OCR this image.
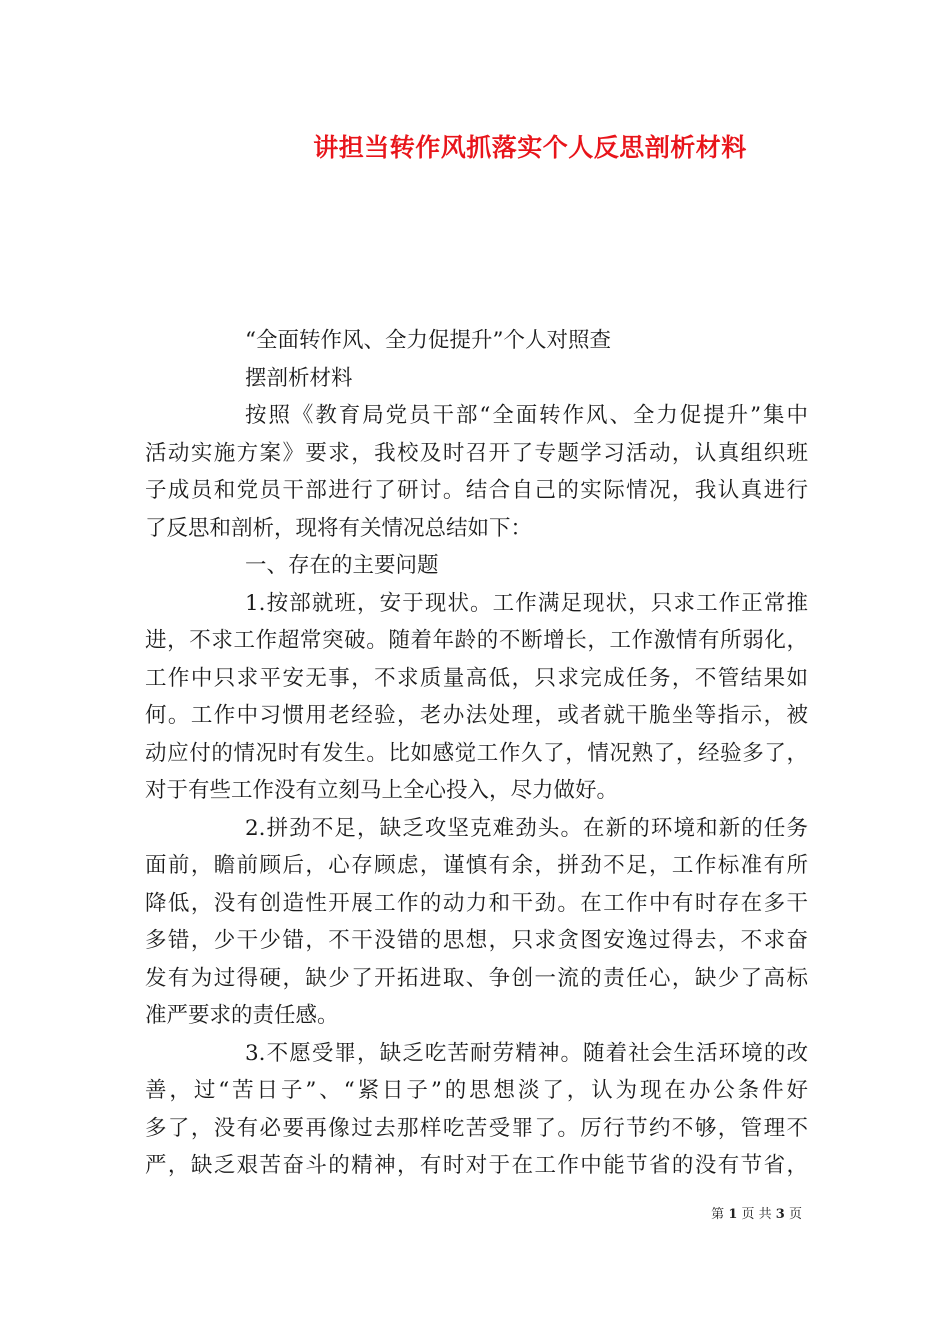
讲担当转作风抓落实个人反思剖析材料
“全面转作风、全力促提升”个人对照查
摆剖析材料
按照《教育局党员干部“全面转作风、全力促提升”集中
活动实施方案》要求，我校及时召开了专题学习活动，认真组织班
子成员和党员干部进行了研讨。结合自己的实际情况，我认真进行
了反思和剖析，现将有关情况总结如下：
一、存在的主要问题
1.按部就班，安于现状。工作满足现状，只求工作正常推
进，不求工作超常突破。随着年龄的不断增长，工作激情有所弱化，
工作中只求平安无事，不求质量高低，只求完成任务，不管结果如
何。工作中习惯用老经验，老办法处理，或者就干脆坐等指示，被
动应付的情况时有发生。比如感觉工作久了，情况熟了，经验多了，
对于有些工作没有立刻马上全心投入，尽力做好。
2.拼劲不足，缺乏攻坚克难劲头。在新的环境和新的任务
面前，瞻前顾后，心存顾虑，谨慎有余，拼劲不足，工作标准有所
降低，没有创造性开展工作的动力和干劲。在工作中有时存在多干
多错，少干少错，不干没错的思想，只求贪图安逸过得去，不求奋
发有为过得硬，缺少了开拓进取、争创一流的责任心，缺少了高标
准严要求的责任感。
3.不愿受罪，缺乏吃苦耐劳精神。随着社会生活环境的改
善，过“苦日子”、“紧日子”的思想淡了，认为现在办公条件好
多了，没有必要再像过去那样吃苦受罪了。厉行节约不够，管理不
严，缺乏艰苦奋斗的精神，有时对于在工作中能节省的没有节省，
第 1 页 共 3 页
